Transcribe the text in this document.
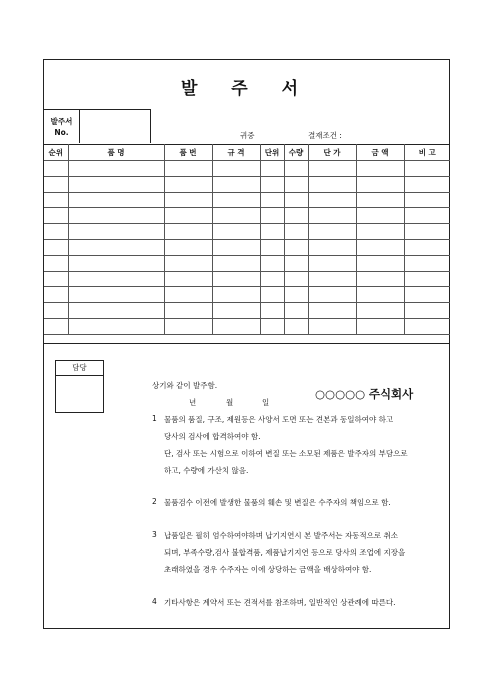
발 주 서
발주서
No.	귀중	결재조건 :
순위	품 명	품 번	규 격	단위	수량	단 가	금 액	비 고

담당
상기와 같이 발주함.
년	월	일
○○○○○ 주식회사
1 물품의 품질, 구조, 제원등은 사양서 도면 또는 견본과 동일하여야 하고
당사의 검사에 합격하여야 함.
단, 검사 또는 시험으로 이하여 변질 또는 소모된 제품은 발주자의 부담으로
하고, 수량에 가산치 않음.
2 물품검수 이전에 발생한 물품의 훼손 및 변질은 수주자의 책임으로 함.
3 납품일은 필히 엄수하여야하며 납기지연시 본 발주서는 자동적으로 취소
되며, 부족수량,검사 불합격품, 제품납기지연 등으로 당사의 조업에 지장을
초래하였을 경우 수주자는 이에 상당하는 금액을 배상하여야 함.
4 기타사항은 계약서 또는 견적서를 참조하며, 일반적인 상관례에 따른다.
